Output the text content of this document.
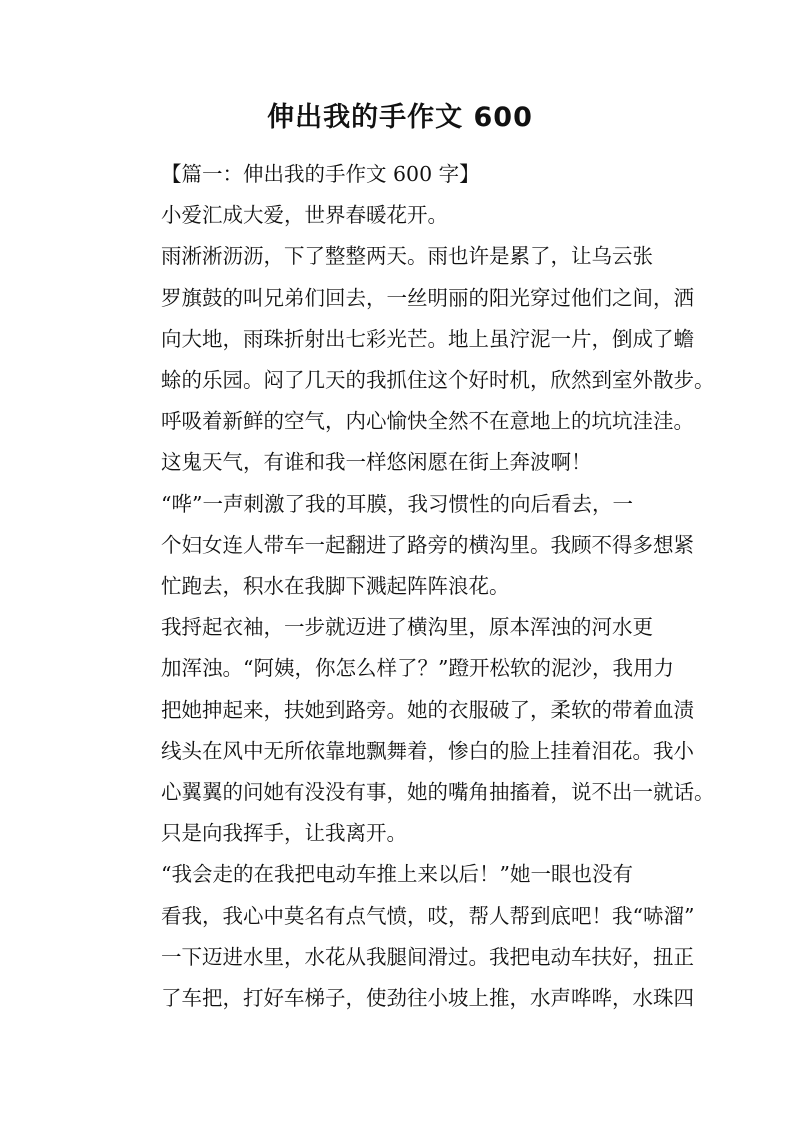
伸出我的手作文 600
【篇一：伸出我的手作文 600 字】
小爱汇成大爱，世界春暖花开。
雨淅淅沥沥，下了整整两天。雨也许是累了，让乌云张
罗旗鼓的叫兄弟们回去，一丝明丽的阳光穿过他们之间，洒
向大地，雨珠折射出七彩光芒。地上虽泞泥一片，倒成了蟾
蜍的乐园。闷了几天的我抓住这个好时机，欣然到室外散步。
呼吸着新鲜的空气，内心愉快全然不在意地上的坑坑洼洼。
这鬼天气，有谁和我一样悠闲愿在街上奔波啊！
“哗”一声刺激了我的耳膜，我习惯性的向后看去，一
个妇女连人带车一起翻进了路旁的横沟里。我顾不得多想紧
忙跑去，积水在我脚下溅起阵阵浪花。
我捋起衣袖，一步就迈进了横沟里，原本浑浊的河水更
加浑浊。“阿姨，你怎么样了？”蹬开松软的泥沙，我用力
把她抻起来，扶她到路旁。她的衣服破了，柔软的带着血渍
线头在风中无所依靠地飘舞着，惨白的脸上挂着泪花。我小
心翼翼的问她有没没有事，她的嘴角抽搐着，说不出一就话。
只是向我挥手，让我离开。
“我会走的在我把电动车推上来以后！”她一眼也没有
看我，我心中莫名有点气愤，哎，帮人帮到底吧！我“哧溜”
一下迈进水里，水花从我腿间滑过。我把电动车扶好，扭正
了车把，打好车梯子，使劲往小坡上推，水声哗哗，水珠四
